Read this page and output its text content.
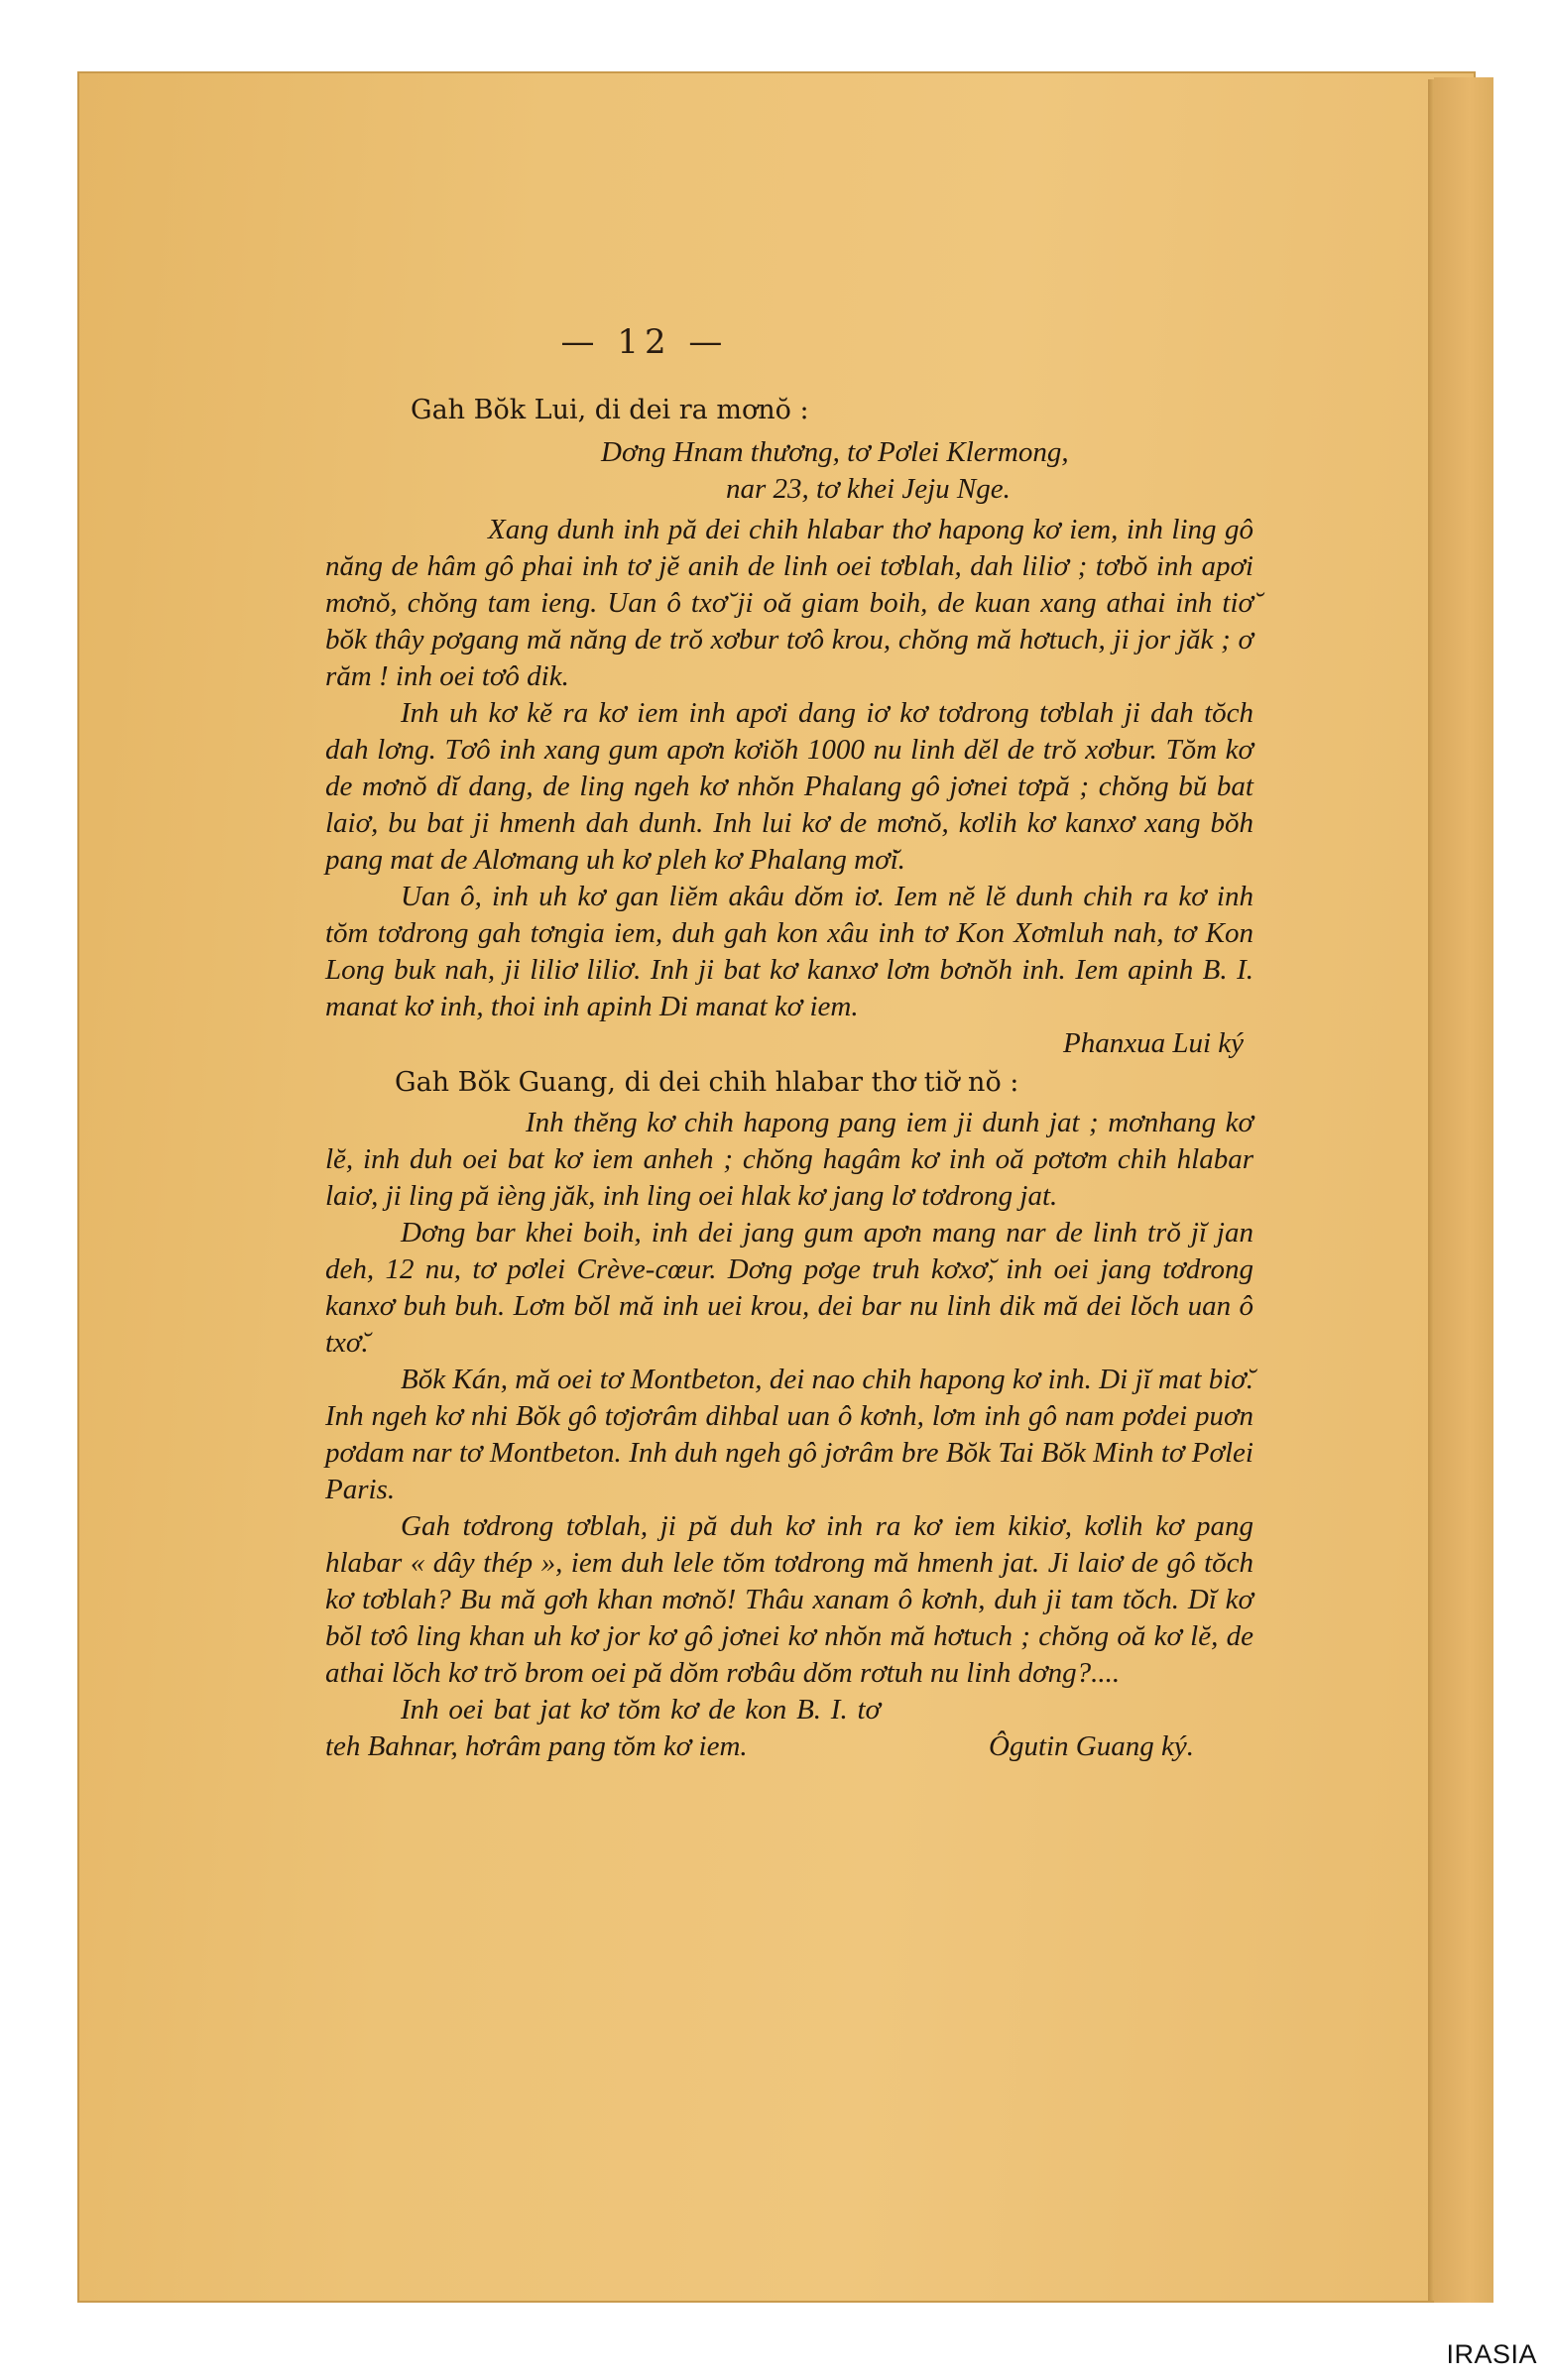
— 12 —
Gah Bŏk Lui, di dei ra mơnŏ :
Dơng Hnam thương, tơ Pơlei Klermong,
nar 23, tơ khei Jeju Nge.

Xang dunh inh pă dei chih hlabar thơ hapong kơ iem, inh ling gô năng de hâm gô phai inh tơ jĕ anih de linh oei tơblah, dah liliơ ; tơbŏ inh apơi mơnŏ, chŏng tam ieng. Uan ô txơ̆ ji oă giam boih, de kuan xang athai inh tiơ̆ bŏk thây pơgang mă năng de trŏ xơbur tơô krou, chŏng mă hơtuch, ji jor jăk ; ơ răm ! inh oei tơô dik.

Inh uh kơ kĕ ra kơ iem inh apơi dang iơ kơ tơdrong tơblah ji dah tŏch dah lơng. Tơô inh xang gum apơn kơiŏh 1000 nu linh dĕl de trŏ xơbur. Tŏm kơ de mơnŏ dĭ dang, de ling ngeh kơ nhŏn Phalang gô jơnei tơpă ; chŏng bŭ bat laiơ, bu bat ji hmenh dah dunh. Inh lui kơ de mơnŏ, kơlih kơ kanxơ xang bŏh pang mat de Alơmang uh kơ pleh kơ Phalang mơ̆i.

Uan ô, inh uh kơ gan liĕm akâu dŏm iơ. Iem nĕ lĕ dunh chih ra kơ inh tŏm tơdrong gah tơngia iem, duh gah kon xâu inh tơ Kon Xơmluh nah, tơ Kon Long buk nah, ji liliơ liliơ. Inh ji bat kơ kanxơ lơm bơnŏh inh. Iem apinh B. I. manat kơ inh, thoi inh apinh Di manat kơ iem.

Phanxua Lui ký
Gah Bŏk Guang, di dei chih hlabar thơ tiơ̆ nŏ :

Inh thĕng kơ chih hapong pang iem ji dunh jat ; mơnhang kơ lĕ, inh duh oei bat kơ iem anheh ; chŏng hagâm kơ inh oă pơtơm chih hlabar laiơ, ji ling pă ièng jăk, inh ling oei hlak kơ jang lơ tơdrong jat.

Dơng bar khei boih, inh dei jang gum apơn mang nar de linh trŏ jĭ jan deh, 12 nu, tơ pơlei Crève-cœur. Dơng pơge truh kơxơ̆, inh oei jang tơdrong kanxơ buh buh. Lơm bŏl mă inh uei krou, dei bar nu linh dik mă dei lŏch uan ô txơ̆.

Bŏk Kán, mă oei tơ Montbeton, dei nao chih hapong kơ inh. Di jĭ mat biơ̆. Inh ngeh kơ nhi Bŏk gô tơjơrâm dihbal uan ô kơnh, lơm inh gô nam pơdei puơn pơdam nar tơ Montbeton. Inh duh ngeh gô jơrâm bre Bŏk Tai Bŏk Minh tơ Pơlei Paris.

Gah tơdrong tơblah, ji pă duh kơ inh ra kơ iem kikiơ, kơlih kơ pang hlabar « dây thép », iem duh lele tŏm tơdrong mă hmenh jat. Ji laiơ de gô tŏch kơ tơblah? Bu mă gơh khan mơnŏ! Thâu xanam ô kơnh, duh ji tam tŏch. Dĭ kơ bŏl tơô ling khan uh kơ jor kơ gô jơnei kơ nhŏn mă hơtuch ; chŏng oă kơ lĕ, de athai lŏch kơ trŏ brom oei pă dŏm rơbâu dŏm rơtuh nu linh dơng?....

Inh oei bat jat kơ tŏm kơ de kon B. I. tơ teh Bahnar, hơrâm pang tŏm kơ iem.	Ôgutin Guang ký.
IRASIA
